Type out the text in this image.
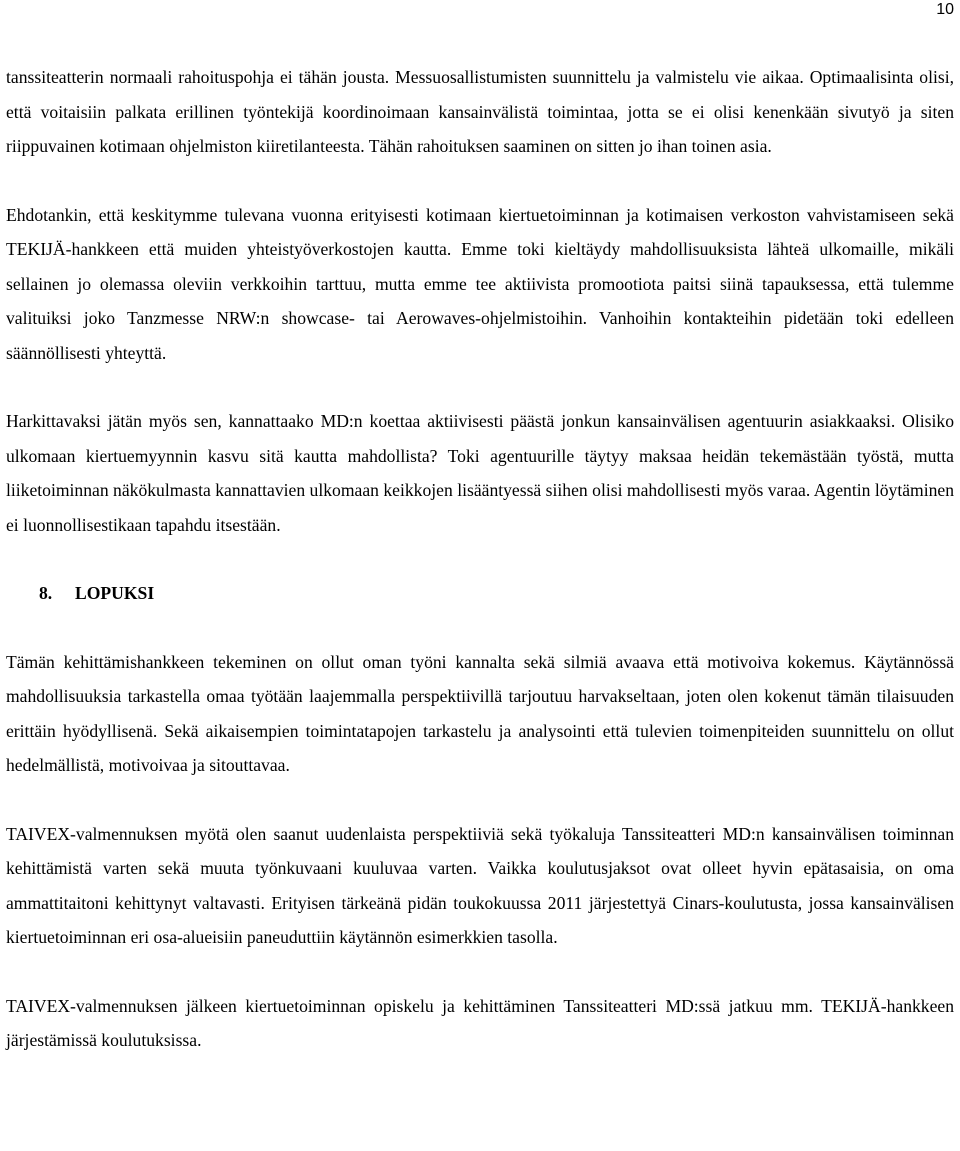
10

tanssiteatterin normaali rahoituspohja ei tähän jousta. Messuosallistumisten suunnittelu ja valmistelu vie aikaa. Optimaalisinta olisi, että voitaisiin palkata erillinen työntekijä koordinoimaan kansainvälistä toimintaa, jotta se ei olisi kenenkään sivutyö ja siten riippuvainen kotimaan ohjelmiston kiiretilanteesta. Tähän rahoituksen saaminen on sitten jo ihan toinen asia.

Ehdotankin, että keskitymme tulevana vuonna erityisesti kotimaan kiertuetoiminnan ja kotimaisen verkoston vahvistamiseen sekä TEKIJÄ-hankkeen että muiden yhteistyöverkostojen kautta. Emme toki kieltäydy mahdollisuuksista lähteä ulkomaille, mikäli sellainen jo olemassa oleviin verkkoihin tarttuu, mutta emme tee aktiivista promootiota paitsi siinä tapauksessa, että tulemme valituiksi joko Tanzmesse NRW:n showcase- tai Aerowaves-ohjelmistoihin. Vanhoihin kontakteihin pidetään toki edelleen säännöllisesti yhteyttä.

Harkittavaksi jätän myös sen, kannattaako MD:n koettaa aktiivisesti päästä jonkun kansainvälisen agentuurin asiakkaaksi. Olisiko ulkomaan kiertuemyynnin kasvu sitä kautta mahdollista? Toki agentuurille täytyy maksaa heidän tekemästään työstä, mutta liiketoiminnan näkökulmasta kannattavien ulkomaan keikkojen lisääntyessä siihen olisi mahdollisesti myös varaa. Agentin löytäminen ei luonnollisestikaan tapahdu itsestään.

8. LOPUKSI

Tämän kehittämishankkeen tekeminen on ollut oman työni kannalta sekä silmiä avaava että motivoiva kokemus. Käytännössä mahdollisuuksia tarkastella omaa työtään laajemmalla perspektiivillä tarjoutuu harvakseltaan, joten olen kokenut tämän tilaisuuden erittäin hyödyllisenä. Sekä aikaisempien toimintatapojen tarkastelu ja analysointi että tulevien toimenpiteiden suunnittelu on ollut hedelmällistä, motivoivaa ja sitouttavaa.

TAIVEX-valmennuksen myötä olen saanut uudenlaista perspektiiviä sekä työkaluja Tanssiteatteri MD:n kansainvälisen toiminnan kehittämistä varten sekä muuta työnkuvaani kuuluvaa varten. Vaikka koulutusjaksot ovat olleet hyvin epätasaisia, on oma ammattitaitoni kehittynyt valtavasti. Erityisen tärkeänä pidän toukokuussa 2011 järjestettyä Cinars-koulutusta, jossa kansainvälisen kiertuetoiminnan eri osa-alueisiin paneuduttiin käytännön esimerkkien tasolla.

TAIVEX-valmennuksen jälkeen kiertuetoiminnan opiskelu ja kehittäminen Tanssiteatteri MD:ssä jatkuu mm. TEKIJÄ-hankkeen järjestämissä koulutuksissa.
